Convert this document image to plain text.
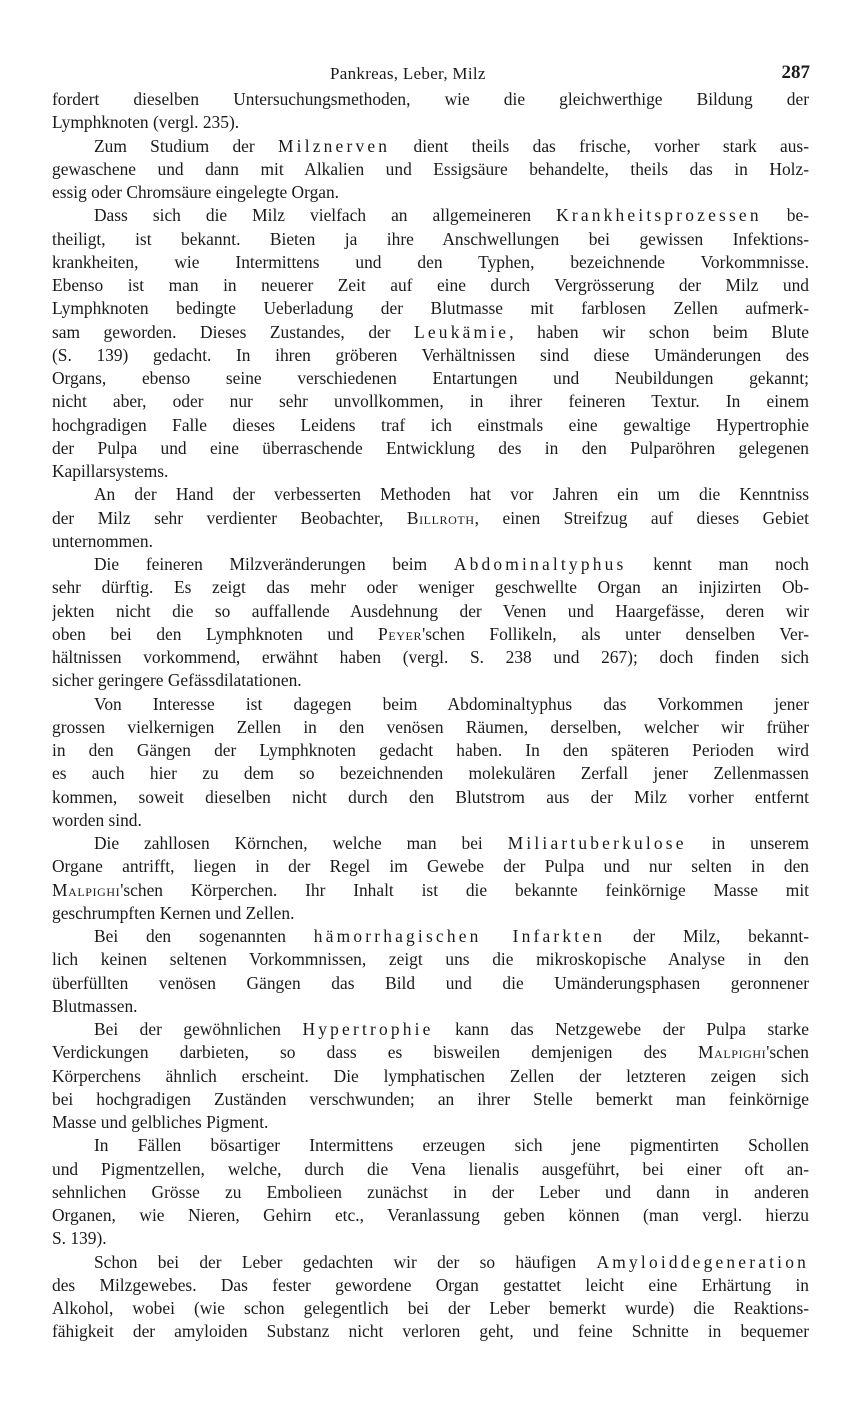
Pankreas, Leber, Milz	287
fordert dieselben Untersuchungsmethoden, wie die gleichwerthige Bildung der
Lymphknoten (vergl. 235).
Zum Studium der Milznerven dient theils das frische, vorher stark aus-
gewaschene und dann mit Alkalien und Essigsäure behandelte, theils das in Holz-
essig oder Chromsäure eingelegte Organ.
Dass sich die Milz vielfach an allgemeineren Krankheitsprozessen be-
theiligt, ist bekannt. Bieten ja ihre Anschwellungen bei gewissen Infektions-
krankheiten, wie Intermittens und den Typhen, bezeichnende Vorkommnisse.
Ebenso ist man in neuerer Zeit auf eine durch Vergrösserung der Milz und
Lymphknoten bedingte Ueberladung der Blutmasse mit farblosen Zellen aufmerk-
sam geworden. Dieses Zustandes, der Leukämie, haben wir schon beim Blute
(S. 139) gedacht. In ihren gröberen Verhältnissen sind diese Umänderungen des
Organs, ebenso seine verschiedenen Entartungen und Neubildungen gekannt;
nicht aber, oder nur sehr unvollkommen, in ihrer feineren Textur. In einem
hochgradigen Falle dieses Leidens traf ich einstmals eine gewaltige Hypertrophie
der Pulpa und eine überraschende Entwicklung des in den Pulparöhren gelegenen
Kapillarsystems.
An der Hand der verbesserten Methoden hat vor Jahren ein um die Kenntniss
der Milz sehr verdienter Beobachter, Billroth, einen Streifzug auf dieses Gebiet
unternommen.
Die feineren Milzveränderungen beim Abdominaltyphus kennt man noch
sehr dürftig. Es zeigt das mehr oder weniger geschwellte Organ an injizirten Ob-
jekten nicht die so auffallende Ausdehnung der Venen und Haargefässe, deren wir
oben bei den Lymphknoten und Peyer'schen Follikeln, als unter denselben Ver-
hältnissen vorkommend, erwähnt haben (vergl. S. 238 und 267); doch finden sich
sicher geringere Gefässdilatationen.
Von Interesse ist dagegen beim Abdominaltyphus das Vorkommen jener
grossen vielkernigen Zellen in den venösen Räumen, derselben, welcher wir früher
in den Gängen der Lymphknoten gedacht haben. In den späteren Perioden wird
es auch hier zu dem so bezeichnenden molekulären Zerfall jener Zellenmassen
kommen, soweit dieselben nicht durch den Blutstrom aus der Milz vorher entfernt
worden sind.
Die zahllosen Körnchen, welche man bei Miliartuberkulose in unserem
Organe antrifft, liegen in der Regel im Gewebe der Pulpa und nur selten in den
Malpighi'schen Körperchen. Ihr Inhalt ist die bekannte feinkörnige Masse mit
geschrumpften Kernen und Zellen.
Bei den sogenannten hämorrhagischen Infarkten der Milz, bekannt-
lich keinen seltenen Vorkommnissen, zeigt uns die mikroskopische Analyse in den
überfüllten venösen Gängen das Bild und die Umänderungsphasen geronnener
Blutmassen.
Bei der gewöhnlichen Hypertrophie kann das Netzgewebe der Pulpa starke
Verdickungen darbieten, so dass es bisweilen demjenigen des Malpighi'schen
Körperchens ähnlich erscheint. Die lymphatischen Zellen der letzteren zeigen sich
bei hochgradigen Zuständen verschwunden; an ihrer Stelle bemerkt man feinkörnige
Masse und gelbliches Pigment.
In Fällen bösartiger Intermittens erzeugen sich jene pigmentirten Schollen
und Pigmentzellen, welche, durch die Vena lienalis ausgeführt, bei einer oft an-
sehnlichen Grösse zu Embolieen zunächst in der Leber und dann in anderen
Organen, wie Nieren, Gehirn etc., Veranlassung geben können (man vergl. hierzu
S. 139).
Schon bei der Leber gedachten wir der so häufigen Amyloiddegeneration
des Milzgewebes. Das fester gewordene Organ gestattet leicht eine Erhärtung in
Alkohol, wobei (wie schon gelegentlich bei der Leber bemerkt wurde) die Reaktions-
fähigkeit der amyloiden Substanz nicht verloren geht, und feine Schnitte in bequemer
